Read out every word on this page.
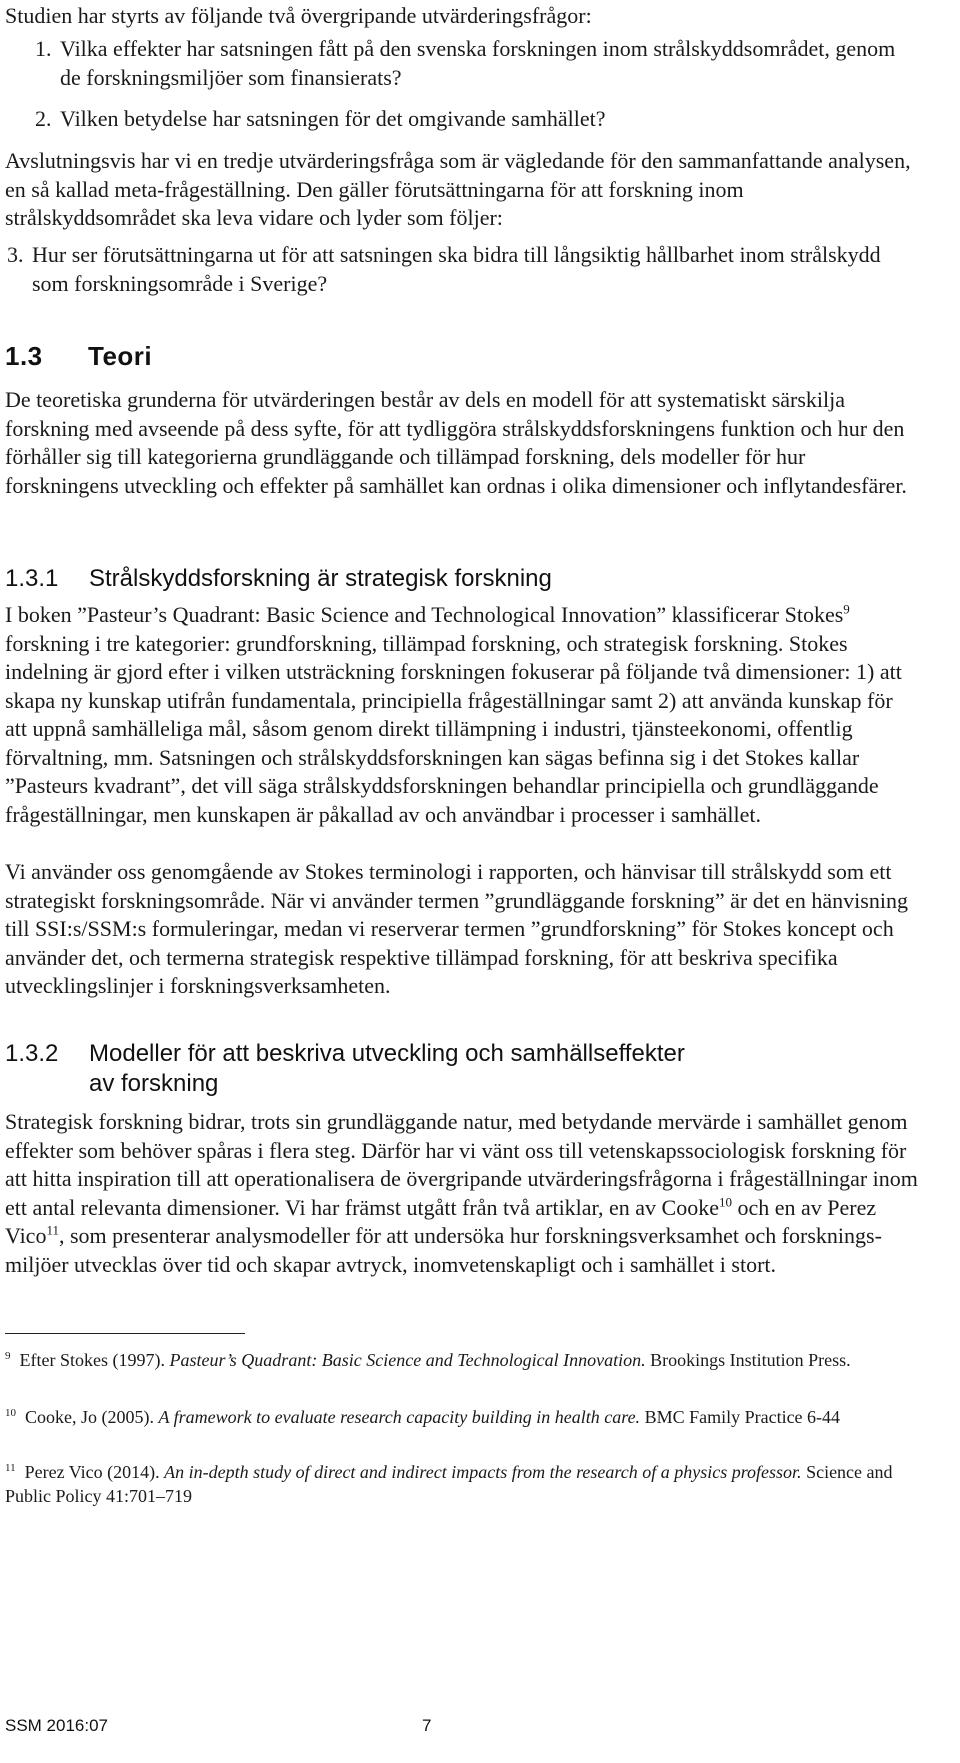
Studien har styrts av följande två övergripande utvärderingsfrågor:

1. Vilka effekter har satsningen fått på den svenska forskningen inom strålskyddsområdet, genom de forskningsmiljöer som finansierats?

2. Vilken betydelse har satsningen för det omgivande samhället?

Avslutningsvis har vi en tredje utvärderingsfråga som är vägledande för den sammanfattande analysen, en så kallad meta-frågeställning. Den gäller förutsättningarna för att forskning inom strålskyddsområdet ska leva vidare och lyder som följer:

3. Hur ser förutsättningarna ut för att satsningen ska bidra till långsiktig hållbarhet inom strålskydd som forskningsområde i Sverige?

1.3 Teori

De teoretiska grunderna för utvärderingen består av dels en modell för att systematiskt särskilja forskning med avseende på dess syfte, för att tydliggöra strålskyddsforskningens funktion och hur den förhåller sig till kategorierna grundläggande och tillämpad forskning, dels modeller för hur forskningens utveckling och effekter på samhället kan ordnas i olika dimensioner och inflytandesfärer.

1.3.1 Strålskyddsforskning är strategisk forskning

I boken ”Pasteur’s Quadrant: Basic Science and Technological Innovation” klassificerar Stokes$^9$ forskning i tre kategorier: grundforskning, tillämpad forskning, och strategisk forskning. Stokes indelning är gjord efter i vilken utsträckning forskningen fokuserar på följande två dimensioner: 1) att skapa ny kunskap utifrån fundamentala, principiella frågeställningar samt 2) att använda kunskap för att uppnå samhälleliga mål, såsom genom direkt tillämpning i industri, tjänsteekonomi, offentlig förvaltning, mm. Satsningen och strålskyddsforskningen kan sägas befinna sig i det Stokes kallar ”Pasteurs kvadrant”, det vill säga strålskyddsforskningen behandlar principiella och grundläggande frågeställningar, men kunskapen är påkallad av och användbar i processer i samhället.

Vi använder oss genomgående av Stokes terminologi i rapporten, och hänvisar till strålskydd som ett strategiskt forskningsområde. När vi använder termen ”grundläggande forskning” är det en hänvisning till SSI:s/SSM:s formuleringar, medan vi reserverar termen ”grundforskning” för Stokes koncept och använder det, och termerna strategisk respektive tillämpad forskning, för att beskriva specifika utvecklingslinjer i forskningsverksamheten.

1.3.2 Modeller för att beskriva utveckling och samhällseffekter
av forskning

Strategisk forskning bidrar, trots sin grundläggande natur, med betydande mervärde i samhället genom effekter som behöver spåras i flera steg. Därför har vi vänt oss till vetenskapssociologisk forskning för att hitta inspiration till att operationalisera de övergripande utvärderingsfrågorna i frågeställningar inom ett antal relevanta dimensioner. Vi har främst utgått från två artiklar, en av Cooke$^{10}$ och en av Perez Vico$^{11}$, som presenterar analysmodeller för att undersöka hur forskningsverksamhet och forskningsmiljöer utvecklas över tid och skapar avtryck, inomvetenskapligt och i samhället i stort.

$^9$ Efter Stokes (1997). Pasteur’s Quadrant: Basic Science and Technological Innovation. Brookings Institution Press.

$^{10}$ Cooke, Jo (2005). A framework to evaluate research capacity building in health care. BMC Family Practice 6-44

$^{11}$ Perez Vico (2014). An in-depth study of direct and indirect impacts from the research of a physics professor. Science and Public Policy 41:701–719

SSM 2016:07	7
